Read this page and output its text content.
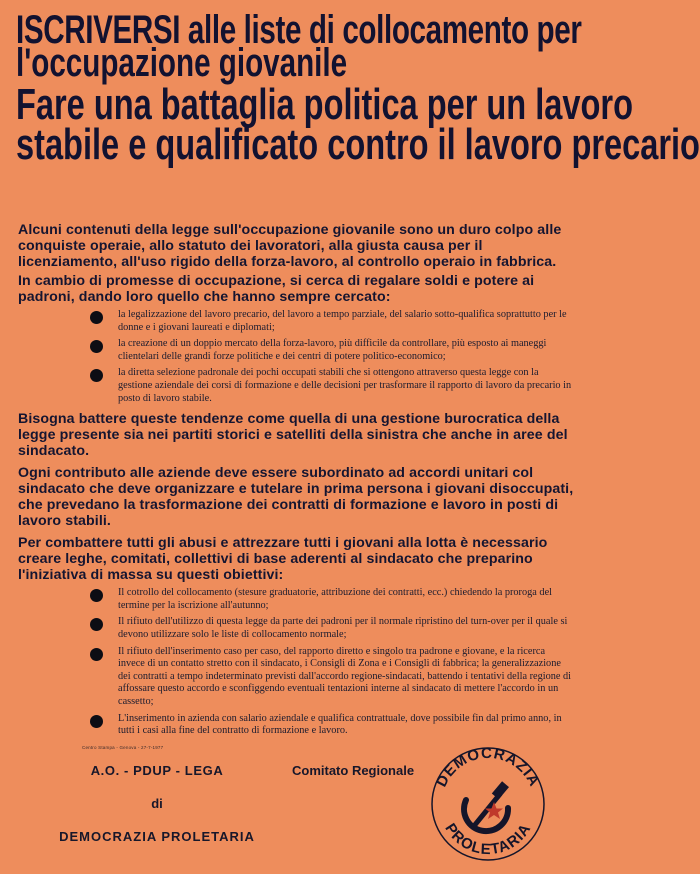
ISCRIVERSI alle liste di collocamento per
l'occupazione giovanile
Fare una battaglia politica per un lavoro
stabile e qualificato contro il lavoro precario

Alcuni contenuti della legge sull'occupazione giovanile sono un duro colpo alle conquiste operaie, allo statuto dei lavoratori, alla giusta causa per il licenziamento, all'uso rigido della forza-lavoro, al controllo operaio in fabbrica.

In cambio di promesse di occupazione, si cerca di regalare soldi e potere ai padroni, dando loro quello che hanno sempre cercato:

la legalizzazione del lavoro precario, del lavoro a tempo parziale, del salario sotto-qualifica soprattutto per le donne e i giovani laureati e diplomati;
la creazione di un doppio mercato della forza-lavoro, più difficile da controllare, più esposto ai maneggi clientelari delle grandi forze politiche e dei centri di potere politico-economico;
la diretta selezione padronale dei pochi occupati stabili che si ottengono attraverso questa legge con la gestione aziendale dei corsi di formazione e delle decisioni per trasformare il rapporto di lavoro da precario in posto di lavoro stabile.

Bisogna battere queste tendenze come quella di una gestione burocratica della legge presente sia nei partiti storici e satelliti della sinistra che anche in aree del sindacato.

Ogni contributo alle aziende deve essere subordinato ad accordi unitari col sindacato che deve organizzare e tutelare in prima persona i giovani disoccupati, che prevedano la trasformazione dei contratti di formazione e lavoro in posti di lavoro stabili.

Per combattere tutti gli abusi e attrezzare tutti i giovani alla lotta è necessario creare leghe, comitati, collettivi di base aderenti al sindacato che preparino l'iniziativa di massa su questi obiettivi:

Il cotrollo del collocamento (stesure graduatorie, attribuzione dei contratti, ecc.) chiedendo la proroga del termine per la iscrizione all'autunno;
Il rifiuto dell'utilizzo di questa legge da parte dei padroni per il normale ripristino del turn-over per il quale si devono utilizzare solo le liste di collocamento normale;
Il rifiuto dell'inserimento caso per caso, del rapporto diretto e singolo tra padrone e giovane, e la ricerca invece di un contatto stretto con il sindacato, i Consigli di Zona e i Consigli di fabbrica; la generalizzazione dei contratti a tempo indeterminato previsti dall'accordo regione-sindacati, battendo i tentativi della regione di affossare questo accordo e sconfiggendo eventuali tentazioni interne al sindacato di mettere l'accordo in un cassetto;
L'inserimento in azienda con salario aziendale e qualifica contrattuale, dove possibile fin dal primo anno, in tutti i casi alla fine del contratto di formazione e lavoro.
Centro Stampa - Genova - 27-7-1977
A.O. - PDUP - LEGA
di
DEMOCRAZIA PROLETARIA
Comitato Regionale
DEMOCRAZIA
PROLETARIA
